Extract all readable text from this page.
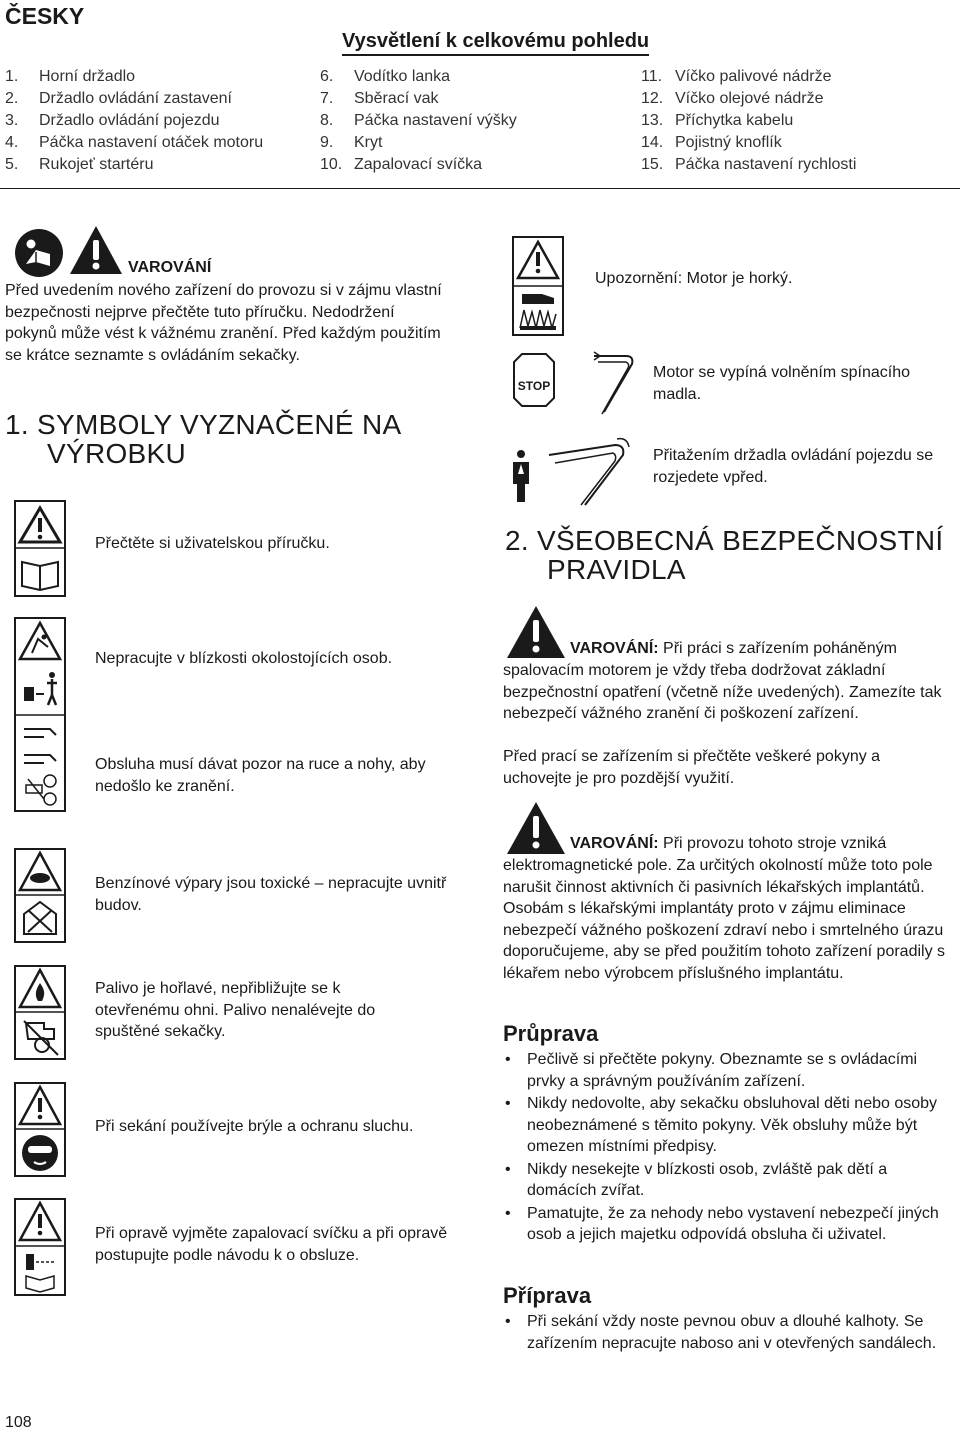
ČESKY
Vysvětlení k celkovému pohledu
1. Horní držadlo
2. Držadlo ovládání zastavení
3. Držadlo ovládání pojezdu
4. Páčka nastavení otáček motoru
5. Rukojeť startéru
6. Vodítko lanka
7. Sběrací vak
8. Páčka nastavení výšky
9. Kryt
10. Zapalovací svíčka
11. Víčko palivové nádrže
12. Víčko olejové nádrže
13. Příchytka kabelu
14. Pojistný knoflík
15. Páčka nastavení rychlosti
VAROVÁNÍ
Před uvedením nového zařízení do provozu si v zájmu vlastní bezpečnosti nejprve přečtěte tuto příručku. Nedodržení pokynů může vést k vážnému zranění. Před každým použitím se krátce seznamte s ovládáním sekačky.
1. SYMBOLY VYZNAČENÉ NA
VÝROBKU
Přečtěte si uživatelskou příručku.
Nepracujte v blízkosti okolostojících osob.
Obsluha musí dávat pozor na ruce a nohy, aby nedošlo ke zranění.
Benzínové výpary jsou toxické – nepracujte uvnitř budov.
Palivo je hořlavé, nepřibližujte se k otevřenému ohni. Palivo nenalévejte do spuštěné sekačky.
Při sekání používejte brýle a ochranu sluchu.
Při opravě vyjměte zapalovací svíčku a při opravě postupujte podle návodu k o obsluze.
Upozornění: Motor je horký.
STOP
Motor se vypíná volněním spínacího madla.
Přitažením držadla ovládání pojezdu se rozjedete vpřed.
2. VŠEOBECNÁ BEZPEČNOSTNÍ
PRAVIDLA
VAROVÁNÍ: Při práci s zařízením poháněným
spalovacím motorem je vždy třeba dodržovat základní bezpečnostní opatření (včetně níže uvedených). Zamezíte tak nebezpečí vážného zranění či poškození zařízení.
Před prací se zařízením si přečtěte veškeré pokyny a uchovejte je pro pozdější využití.
VAROVÁNÍ: Při provozu tohoto stroje vzniká
elektromagnetické pole. Za určitých okolností může toto pole narušit činnost aktivních či pasivních lékařských implantátů. Osobám s lékařskými implantáty proto v zájmu eliminace nebezpečí vážného poškození zdraví nebo i smrtelného úrazu doporučujeme, aby se před použitím tohoto zařízení poradily s lékařem nebo výrobcem příslušného implantátu.
Průprava
• Pečlivě si přečtěte pokyny. Obeznamte se s ovládacími prvky a správným používáním zařízení.
• Nikdy nedovolte, aby sekačku obsluhoval děti nebo osoby neobeznámené s těmito pokyny. Věk obsluhy může být omezen místními předpisy.
• Nikdy nesekejte v blízkosti osob, zvláště pak dětí a domácích zvířat.
• Pamatujte, že za nehody nebo vystavení nebezpečí jiných osob a jejich majetku odpovídá obsluha či uživatel.
Příprava
• Při sekání vždy noste pevnou obuv a dlouhé kalhoty. Se zařízením nepracujte naboso ani v otevřených sandálech.
108
